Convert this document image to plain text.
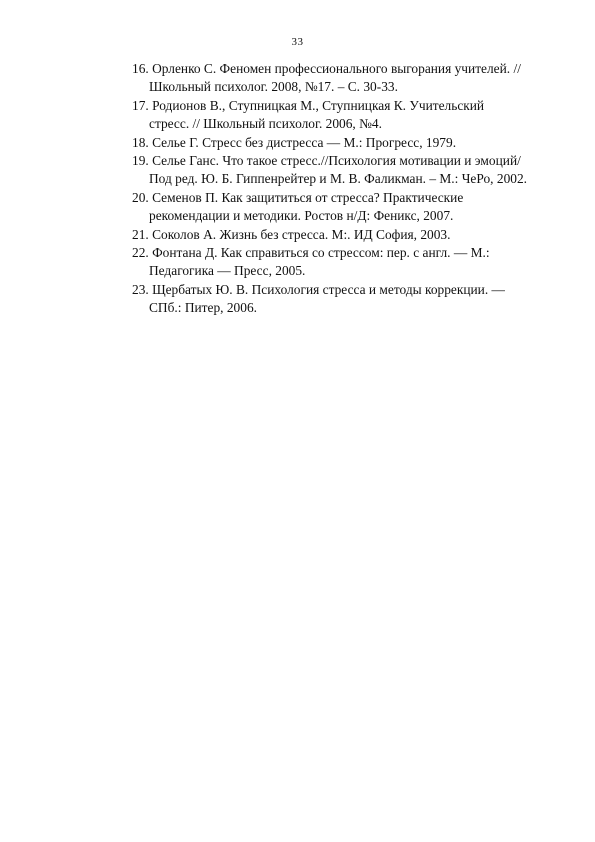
33
16. Орленко С. Феномен профессионального выгорания учителей. //
Школьный психолог. 2008, №17. – С. 30-33.
17. Родионов В., Ступницкая М., Ступницкая К. Учительский
стресс. // Школьный психолог. 2006, №4.
18. Селье Г. Стресс без дистресса — М.: Прогресс, 1979.
19. Селье Ганс. Что такое стресс.//Психология мотивации и эмоций/
Под ред. Ю. Б. Гиппенрейтер и М. В. Фаликман. – М.: ЧеРо, 2002.
20. Семенов П. Как защититься от стресса? Практические
рекомендации и методики. Ростов н/Д: Феникс, 2007.
21. Соколов А. Жизнь без стресса. М:. ИД София, 2003.
22. Фонтана Д. Как справиться со стрессом: пер. с англ. — М.:
Педагогика — Пресс, 2005.
23. Щербатых Ю. В. Психология стресса и методы коррекции. —
СПб.: Питер, 2006.
